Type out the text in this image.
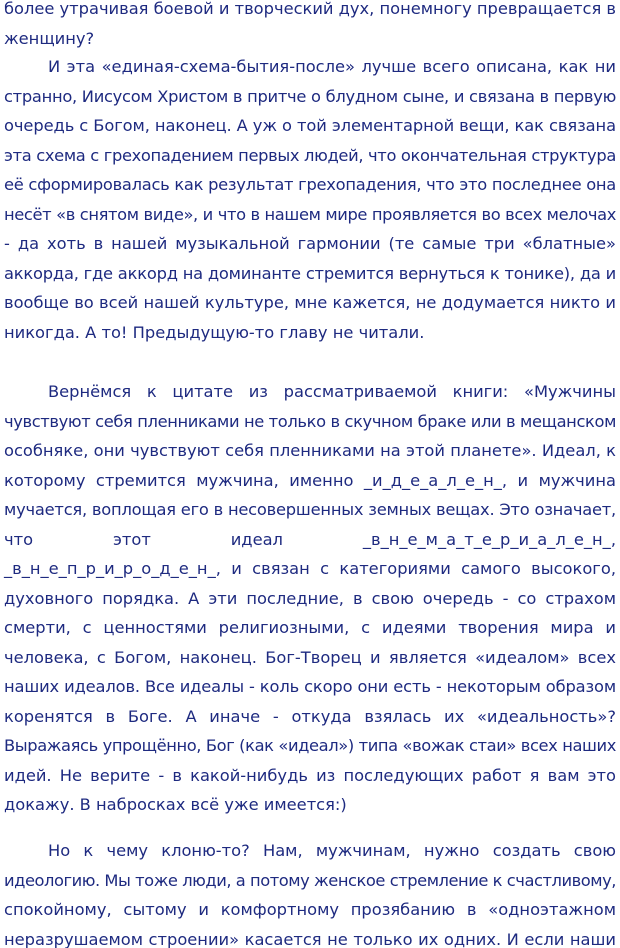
более утрачивая боевой и творческий дух, понемногу превращается в
женщину?
И эта «единая-схема-бытия-после» лучше всего описана, как ни
странно, Иисусом Христом в притче о блудном сыне, и связана в первую
очередь с Богом, наконец. А уж о той элементарной вещи, как связана
эта схема с грехопадением первых людей, что окончательная структура
её сформировалась как результат грехопадения, что это последнее она
несёт «в снятом виде», и что в нашем мире проявляется во всех мелочах
- да хоть в нашей музыкальной гармонии (те самые три «блатные»
аккорда, где аккорд на доминанте стремится вернуться к тонике), да и
вообще во всей нашей культуре, мне кажется, не додумается никто и
никогда. А то! Предыдущую-то главу не читали.
Вернёмся к цитате из рассматриваемой книги: «Мужчины
чувствуют себя пленниками не только в скучном браке или в мещанском
особняке, они чувствуют себя пленниками на этой планете». Идеал, к
которому стремится мужчина, именно _и_д_е_а_л_е_н_, и мужчина
мучается, воплощая его в несовершенных земных вещах. Это означает,
что этот идеал _в_н_е_м_а_т_е_р_и_а_л_е_н_,
_в_н_е_п_р_и_р_о_д_е_н_, и связан с категориями самого высокого,
духовного порядка. А эти последние, в свою очередь - со страхом
смерти, с ценностями религиозными, с идеями творения мира и
человека, с Богом, наконец. Бог-Творец и является «идеалом» всех
наших идеалов. Все идеалы - коль скоро они есть - некоторым образом
коренятся в Боге. А иначе - откуда взялась их «идеальность»?
Выражаясь упрощённо, Бог (как «идеал») типа «вожак стаи» всех наших
идей. Не верите - в какой-нибудь из последующих работ я вам это
докажу. В набросках всё уже имеется:)
Но к чему клоню-то? Нам, мужчинам, нужно создать свою
идеологию. Мы тоже люди, а потому женское стремление к счастливому,
спокойному, сытому и комфортному прозябанию в «одноэтажном
неразрушаемом строении» касается не только их одних. И если наши
